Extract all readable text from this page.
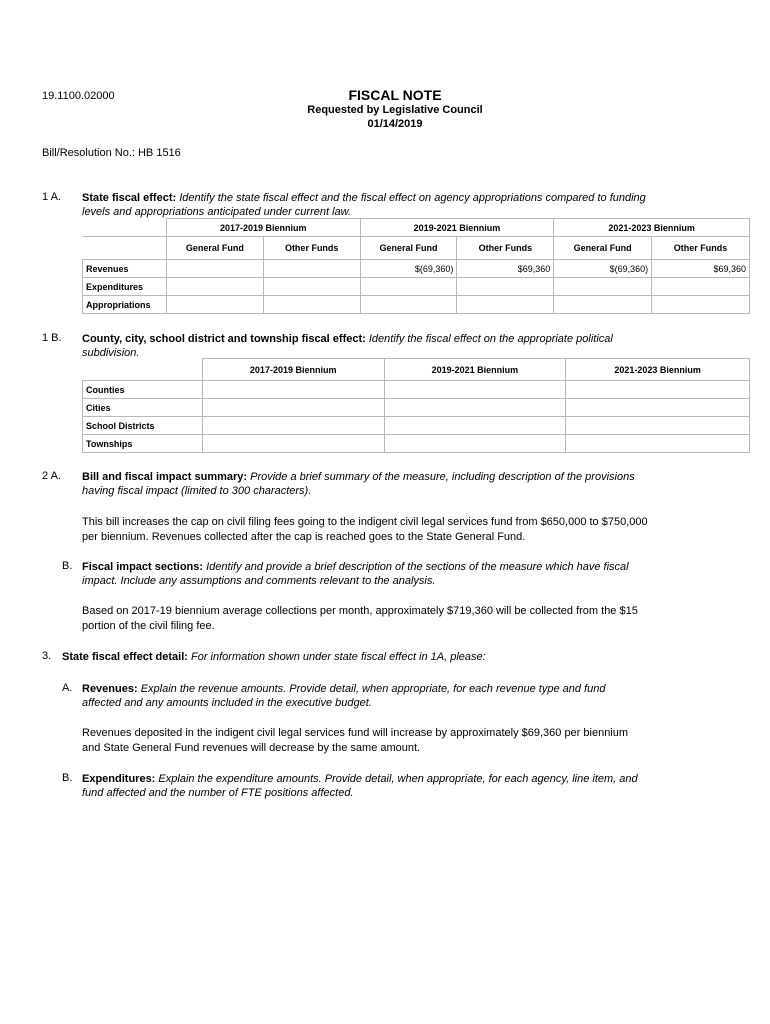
19.1100.02000	FISCAL NOTE
Requested by Legislative Council
01/14/2019
Bill/Resolution No.: HB 1516
1 A. State fiscal effect: Identify the state fiscal effect and the fiscal effect on agency appropriations compared to funding
levels and appropriations anticipated under current law.
	2017-2019 Biennium		2019-2021 Biennium		2021-2023 Biennium	
	General Fund	Other Funds	General Fund	Other Funds	General Fund	Other Funds
Revenues			$(69,360)	$69,360	$(69,360)	$69,360
Expenditures						
Appropriations						
1 B. County, city, school district and township fiscal effect: Identify the fiscal effect on the appropriate political
subdivision.
	2017-2019 Biennium	2019-2021 Biennium	2021-2023 Biennium
Counties			
Cities			
School Districts			
Townships			
2 A. Bill and fiscal impact summary: Provide a brief summary of the measure, including description of the provisions
having fiscal impact (limited to 300 characters).
This bill increases the cap on civil filing fees going to the indigent civil legal services fund from $650,000 to $750,000
per biennium. Revenues collected after the cap is reached goes to the State General Fund.
B. Fiscal impact sections: Identify and provide a brief description of the sections of the measure which have fiscal
impact. Include any assumptions and comments relevant to the analysis.
Based on 2017-19 biennium average collections per month, approximately $719,360 will be collected from the $15
portion of the civil filing fee.
3. State fiscal effect detail: For information shown under state fiscal effect in 1A, please:
A. Revenues: Explain the revenue amounts. Provide detail, when appropriate, for each revenue type and fund
affected and any amounts included in the executive budget.
Revenues deposited in the indigent civil legal services fund will increase by approximately $69,360 per biennium
and State General Fund revenues will decrease by the same amount.
B. Expenditures: Explain the expenditure amounts. Provide detail, when appropriate, for each agency, line item, and
fund affected and the number of FTE positions affected.
